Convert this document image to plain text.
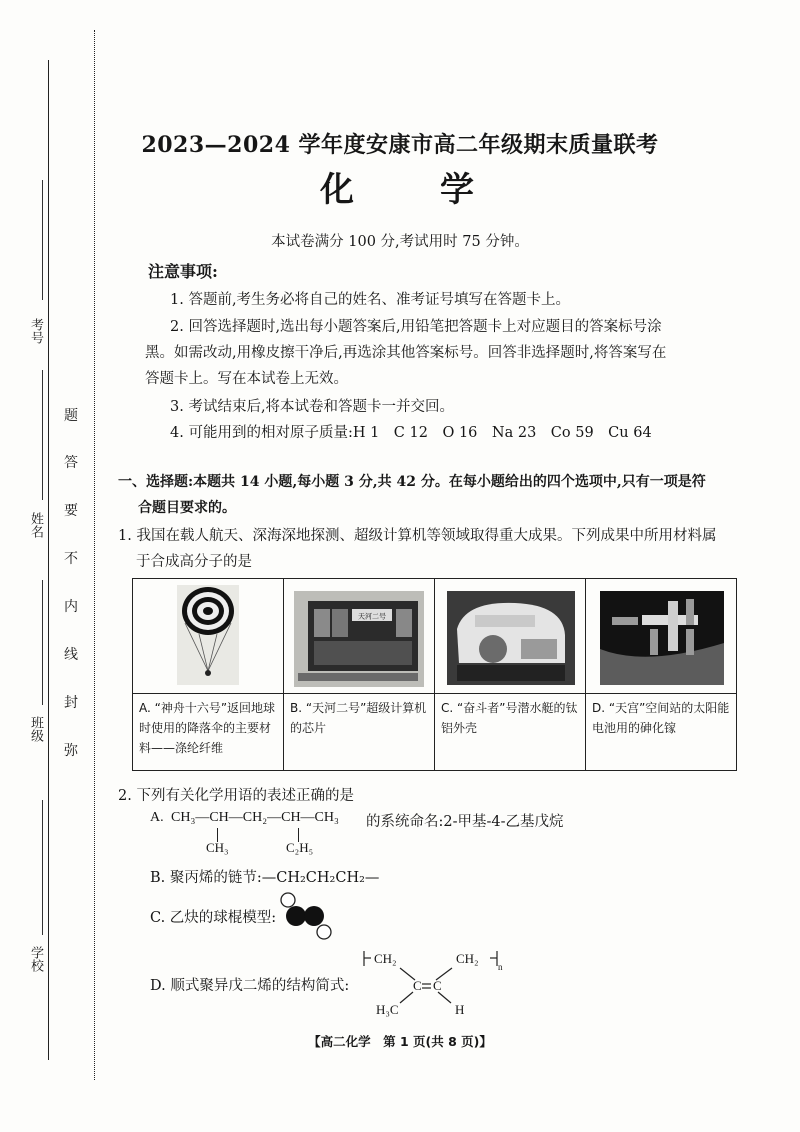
考号
姓名
班级
学校
题
答
要
不
内
线
封
弥
2023—2024 学年度安康市高二年级期末质量联考
化　　学
本试卷满分 100 分,考试用时 75 分钟。
注意事项:
1. 答题前,考生务必将自己的姓名、准考证号填写在答题卡上。
2. 回答选择题时,选出每小题答案后,用铅笔把答题卡上对应题目的答案标号涂
黑。如需改动,用橡皮擦干净后,再选涂其他答案标号。回答非选择题时,将答案写在
答题卡上。写在本试卷上无效。
3. 考试结束后,将本试卷和答题卡一并交回。
4. 可能用到的相对原子质量:H 1　C 12　O 16　Na 23　Co 59　Cu 64
一、选择题:本题共 14 小题,每小题 3 分,共 42 分。在每小题给出的四个选项中,只有一项是符
合题目要求的。
1. 我国在载人航天、深海深地探测、超级计算机等领域取得重大成果。下列成果中所用材料属
于合成高分子的是

天河二号

A. “神舟十六号”返回地球时使用的降落伞的主要材料——涤纶纤维	B. “天河二号”超级计算机的芯片	C. “奋斗者”号潜水艇的钛铝外壳	D. “天宫”空间站的太阳能电池用的砷化镓
2. 下列有关化学用语的表述正确的是
A. CH₃—CH—CH₂—CH—CH₃
CH₃	C₂H₅
的系统命名:2-甲基-4-乙基戊烷
B. 聚丙烯的链节:—CH₂CH₂CH₂—
C. 乙炔的球棍模型:
D. 顺式聚异戊二烯的结构简式:
CH₂	CH₂
n
C C
H₃C	H
【高二化学　第 1 页(共 8 页)】
